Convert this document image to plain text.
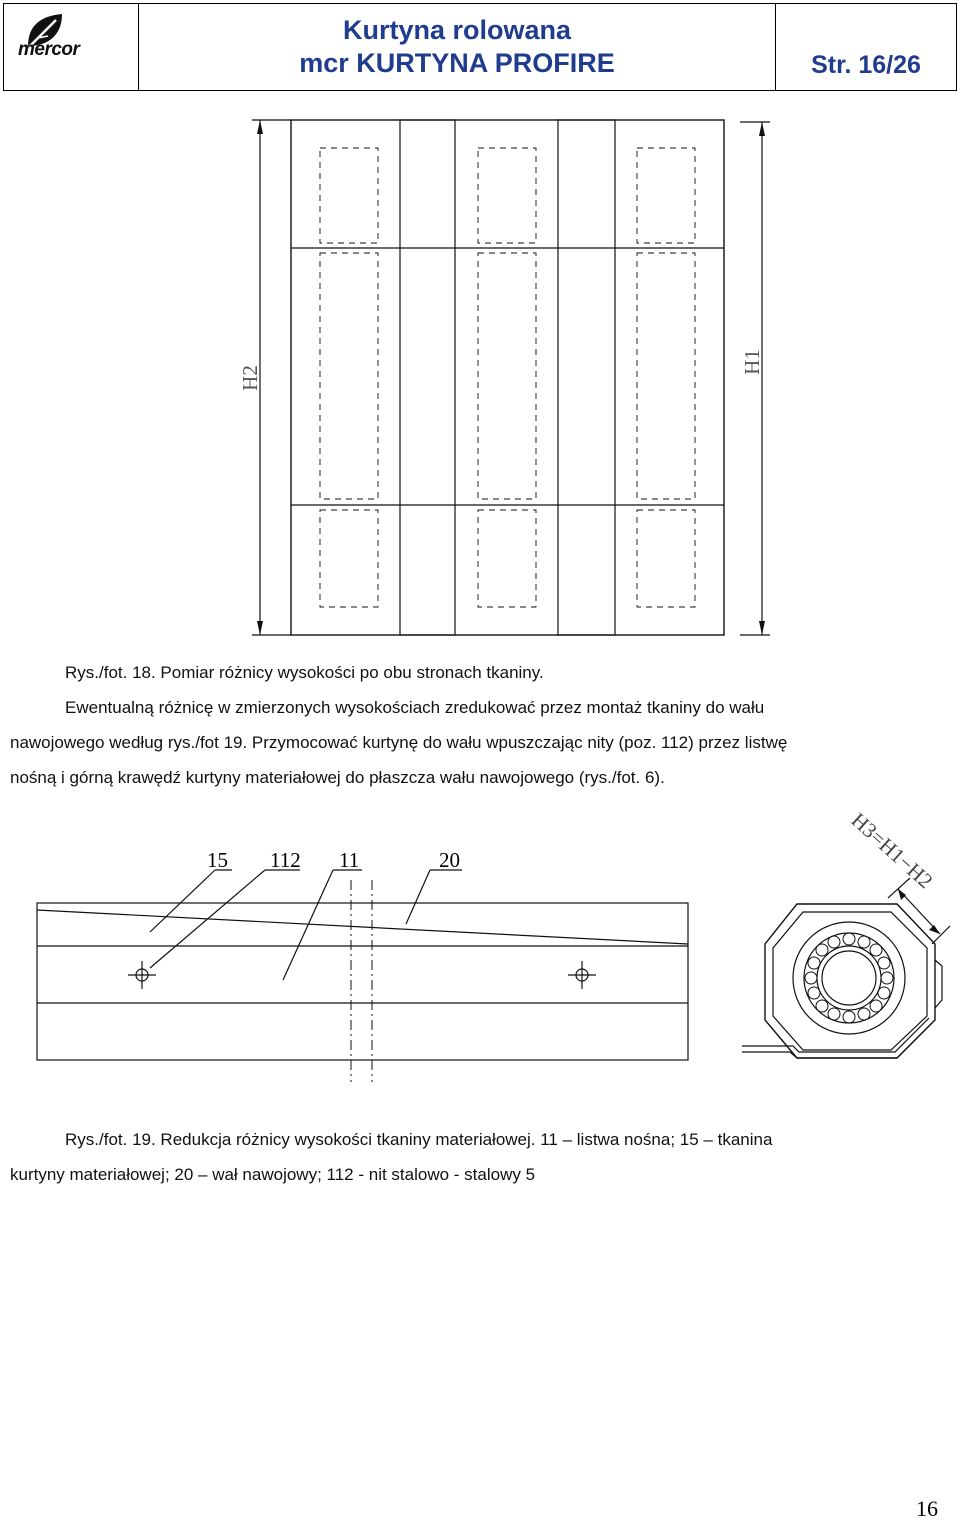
mercor
Kurtyna rolowana
mcr KURTYNA PROFIRE	Str. 16/26
H2
H1
Rys./fot. 18. Pomiar różnicy wysokości po obu stronach tkaniny.
Ewentualną różnicę w zmierzonych wysokościach zredukować przez montaż tkaniny do wału
nawojowego według rys./fot 19. Przymocować kurtynę do wału wpuszczając nity (poz. 112) przez listwę
nośną i górną krawędź kurtyny materiałowej do płaszcza wału nawojowego (rys./fot. 6).
15 112 11	20	H3=H1−H2
Rys./fot. 19. Redukcja różnicy wysokości tkaniny materiałowej. 11 – listwa nośna; 15 – tkanina
kurtyny materiałowej; 20 – wał nawojowy; 112 - nit stalowo - stalowy 5
16
